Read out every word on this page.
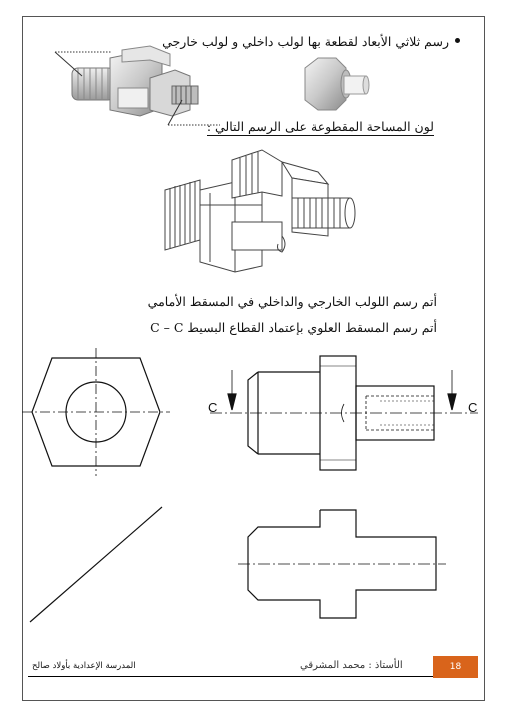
رسم ثلاثي الأبعاد لقطعة بها لولب داخلي و لولب خارجي
لون المساحة المقطوعة على الرسم التالي :
أتم رسم اللولب الخارجي والداخلي في المسقط الأمامي
أتم رسم المسقط العلوي بإعتماد القطاع البسيط C – C
C	C
المدرسة الإعدادية بأولاد صالح	الأستاذ : محمد المشرقي	18
